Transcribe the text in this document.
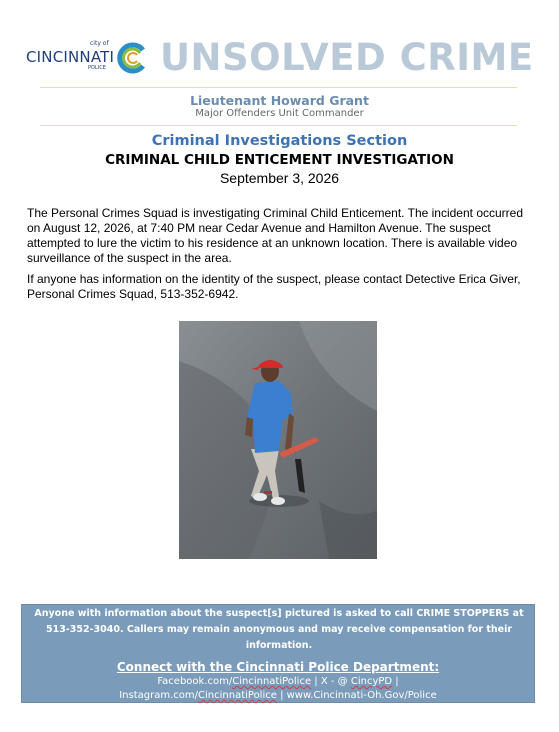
city of
CINCINNATI
POLICE UNSOLVED CRIME
Lieutenant Howard Grant
Major Offenders Unit Commander
Criminal Investigations Section
CRIMINAL CHILD ENTICEMENT INVESTIGATION
September 3, 2026
The Personal Crimes Squad is investigating Criminal Child Enticement. The incident occurred on August 12, 2026, at 7:40 PM near Cedar Avenue and Hamilton Avenue. The suspect attempted to lure the victim to his residence at an unknown location. There is available video surveillance of the suspect in the area.
If anyone has information on the identity of the suspect, please contact Detective Erica Giver, Personal Crimes Squad, 513-352-6942.
Anyone with information about the suspect[s] pictured is asked to call CRIME STOPPERS at 513-352-3040. Callers may remain anonymous and may receive compensation for their information.
Connect with the Cincinnati Police Department:
Facebook.com/CincinnatiPolice | X - @ CincyPD |
Instagram.com/CincinnatiPolice | www.Cincinnati-Oh.Gov/Police
